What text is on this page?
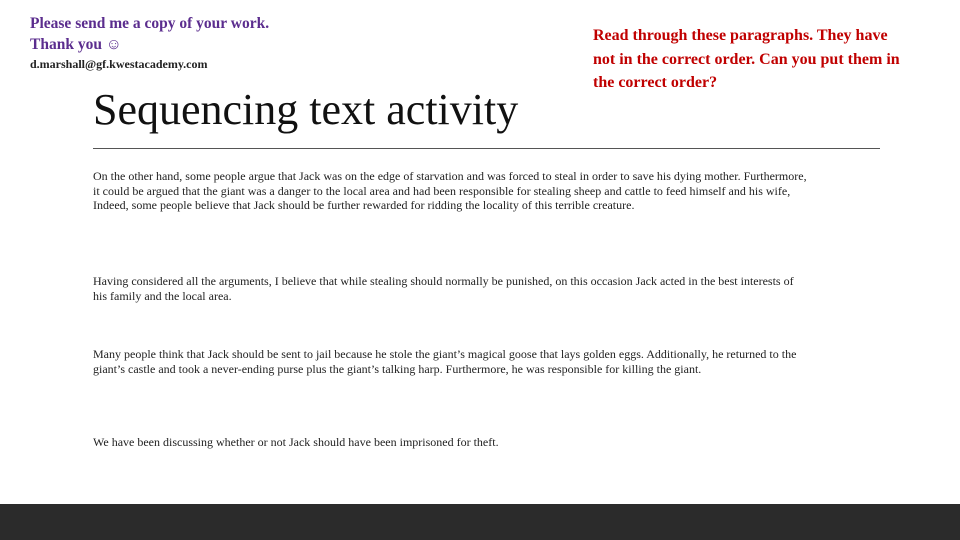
Please send me a copy of your work. Thank you ☺
d.marshall@gf.kwestacademy.com
Sequencing text activity
Read through these paragraphs. They have not in the correct order. Can you put them in the correct order?

On the other hand, some people argue that Jack was on the edge of starvation and was forced to steal in order to save his dying mother. Furthermore, it could be argued that the giant was a danger to the local area and had been responsible for stealing sheep and cattle to feed himself and his wife, Indeed, some people believe that Jack should be further rewarded for ridding the locality of this terrible creature.

Having considered all the arguments, I believe that while stealing should normally be punished, on this occasion Jack acted in the best interests of his family and the local area.

Many people think that Jack should be sent to jail because he stole the giant’s magical goose that lays golden eggs. Additionally, he returned to the giant’s castle and took a never-ending purse plus the giant’s talking harp. Furthermore, he was responsible for killing the giant.

We have been discussing whether or not Jack should have been imprisoned for theft.
